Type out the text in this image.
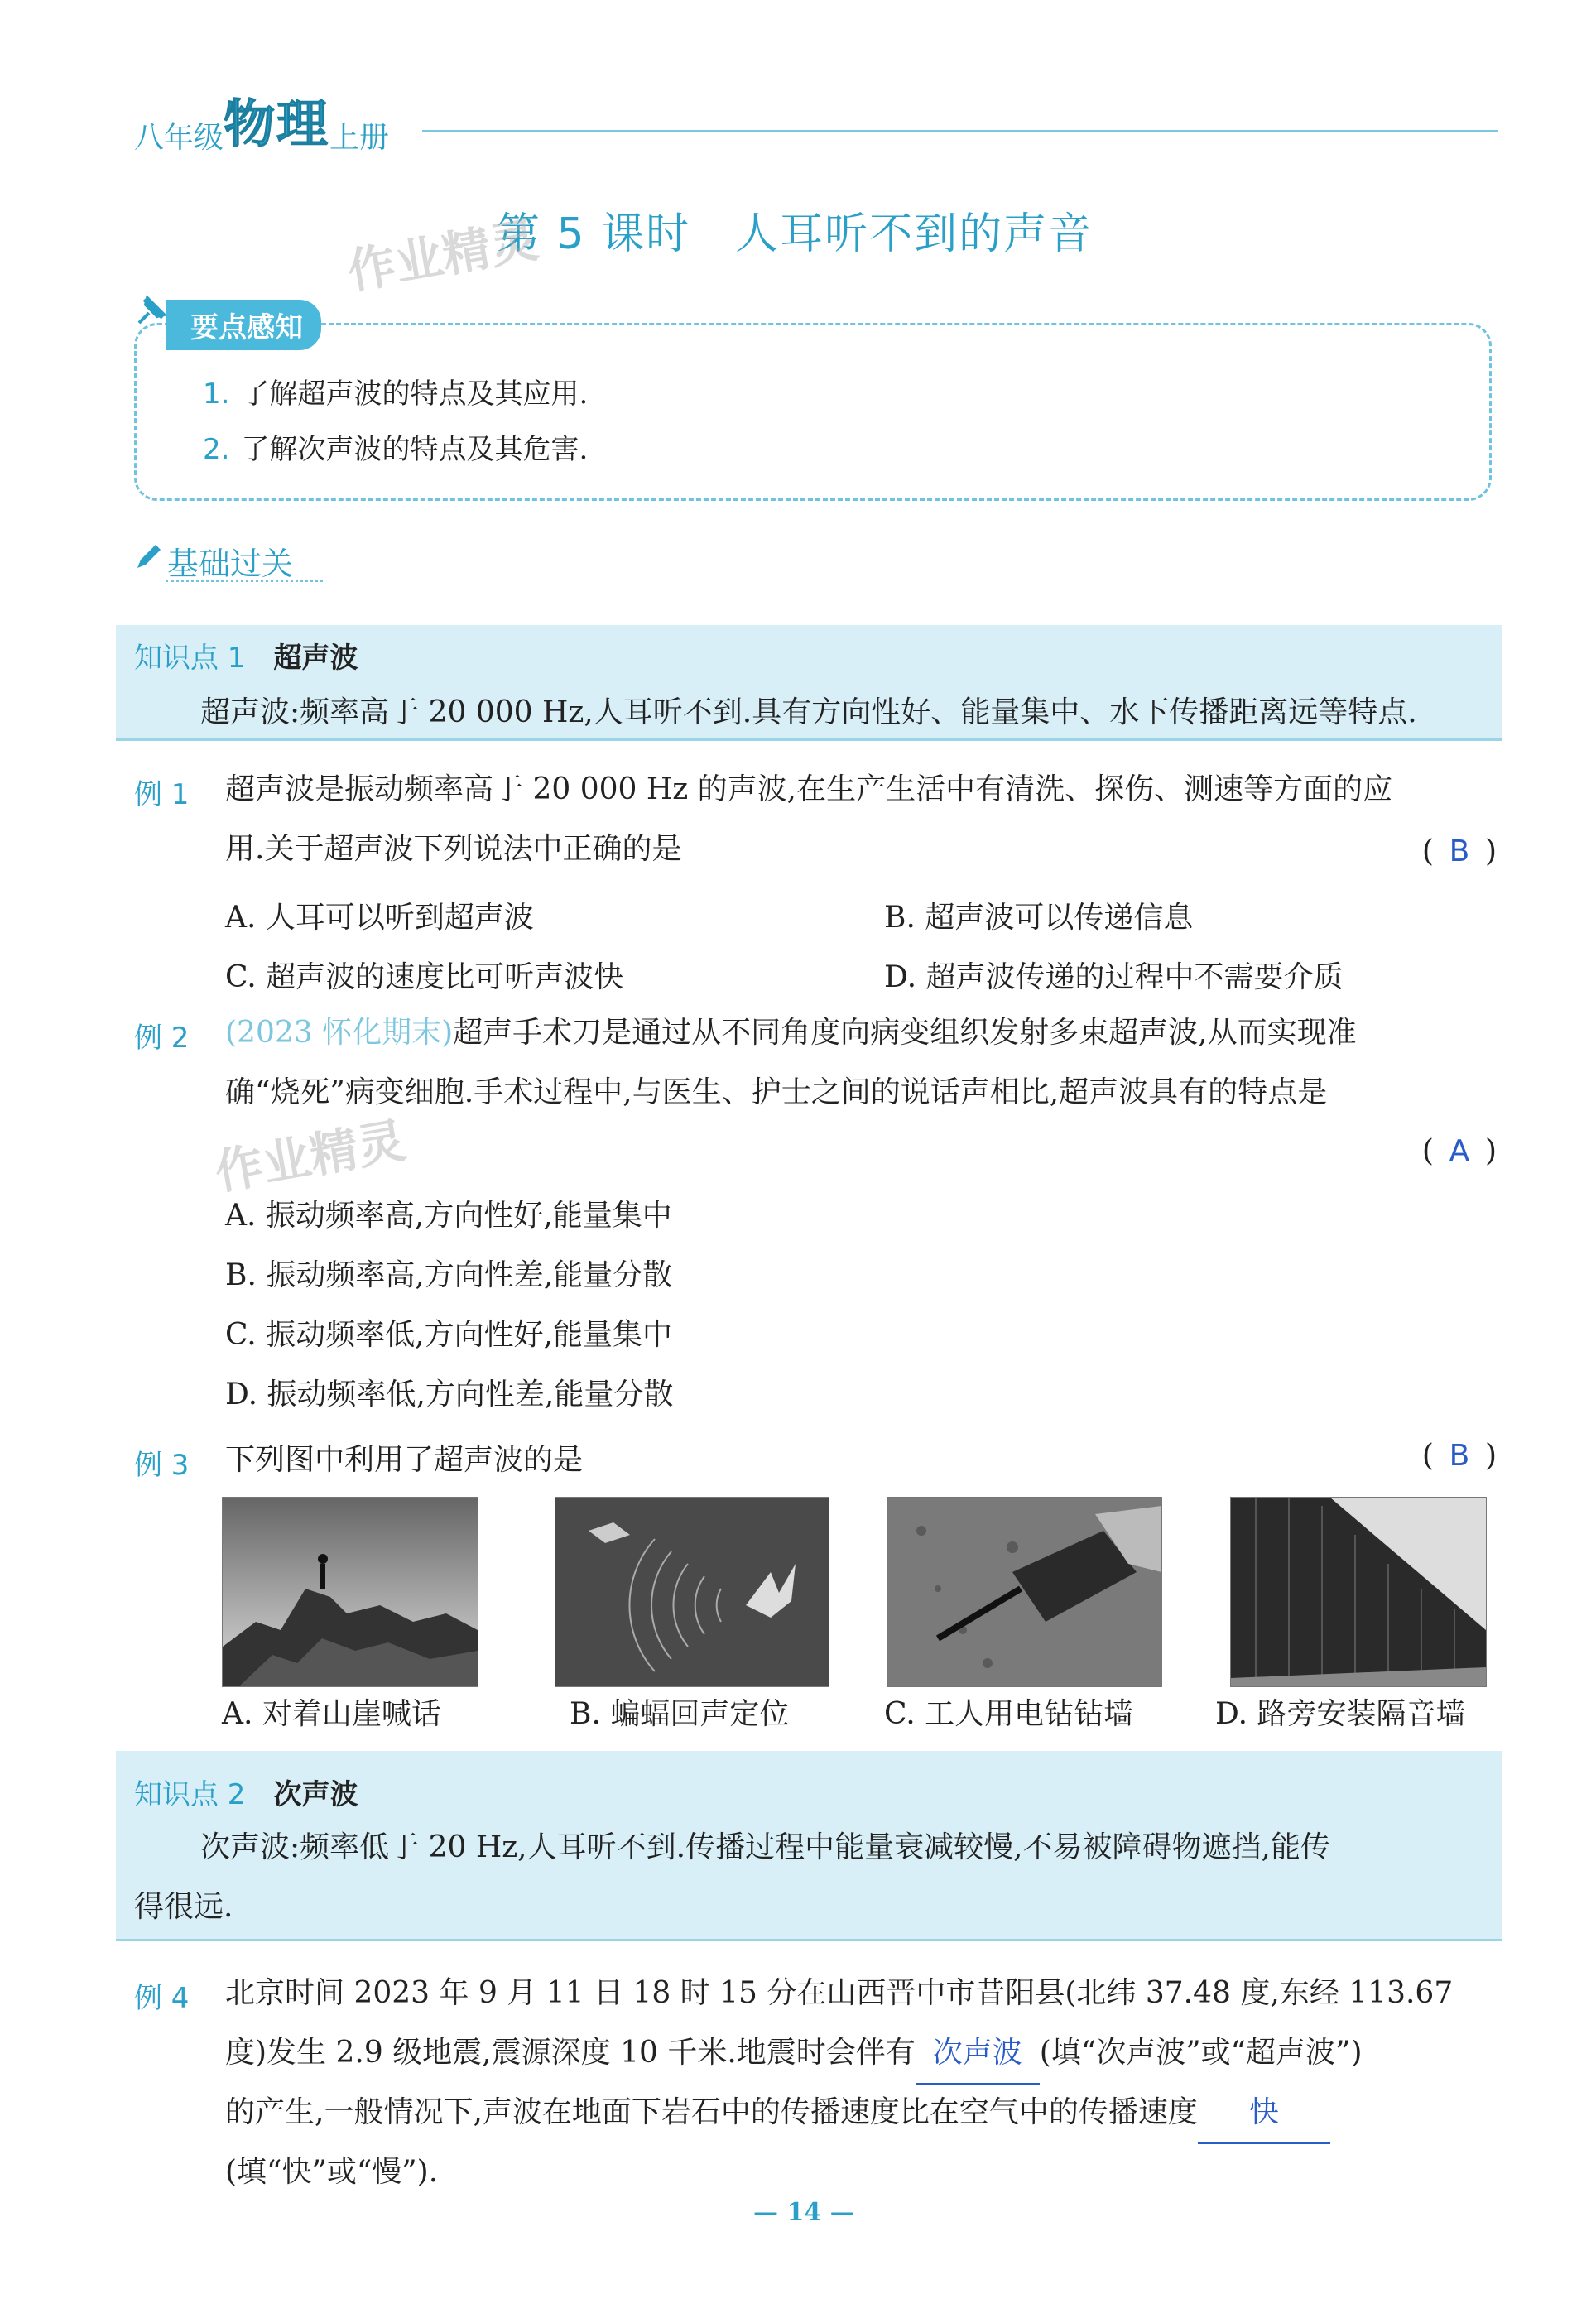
八年级物理上册
第 5 课时　人耳听不到的声音
作业精灵
要点感知
1. 了解超声波的特点及其应用.
2. 了解次声波的特点及其危害.
基础过关
知识点 1 超声波
超声波:频率高于 20 000 Hz,人耳听不到.具有方向性好、能量集中、水下传播距离远等特点.
例 1 超声波是振动频率高于 20 000 Hz 的声波,在生产生活中有清洗、探伤、测速等方面的应
用.关于超声波下列说法中正确的是	( B )
A. 人耳可以听到超声波	B. 超声波可以传递信息
C. 超声波的速度比可听声波快	D. 超声波传递的过程中不需要介质
例 2 (2023 怀化期末)超声手术刀是通过从不同角度向病变组织发射多束超声波,从而实现准
确“烧死”病变细胞.手术过程中,与医生、护士之间的说话声相比,超声波具有的特点是
作业精灵	( A )
A. 振动频率高,方向性好,能量集中
B. 振动频率高,方向性差,能量分散
C. 振动频率低,方向性好,能量集中
D. 振动频率低,方向性差,能量分散
例 3 下列图中利用了超声波的是	( B )
A. 对着山崖喊话	B. 蝙蝠回声定位	C. 工人用电钻钻墙	D. 路旁安装隔音墙
知识点 2 次声波
次声波:频率低于 20 Hz,人耳听不到.传播过程中能量衰减较慢,不易被障碍物遮挡,能传
得很远.
例 4 北京时间 2023 年 9 月 11 日 18 时 15 分在山西晋中市昔阳县(北纬 37.48 度,东经 113.67
度)发生 2.9 级地震,震源深度 10 千米.地震时会伴有 次声波 (填“次声波”或“超声波”)
的产生,一般情况下,声波在地面下岩石中的传播速度比在空气中的传播速度 快
(填“快”或“慢”).
— 14 —
